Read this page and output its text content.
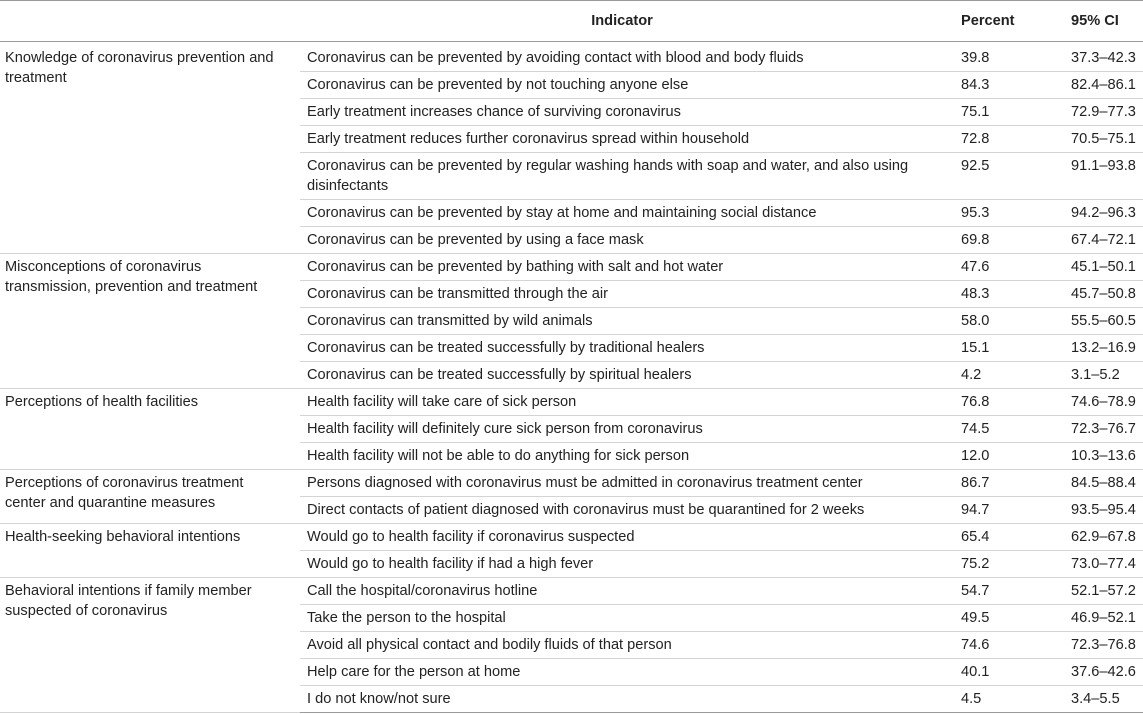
	Indicator	Percent	95% CI
Knowledge of coronavirus prevention and treatment	Coronavirus can be prevented by avoiding contact with blood and body fluids	39.8	37.3–42.3
	Coronavirus can be prevented by not touching anyone else	84.3	82.4–86.1
	Early treatment increases chance of surviving coronavirus	75.1	72.9–77.3
	Early treatment reduces further coronavirus spread within household	72.8	70.5–75.1
	Coronavirus can be prevented by regular washing hands with soap and water, and also using disinfectants	92.5	91.1–93.8
	Coronavirus can be prevented by stay at home and maintaining social distance	95.3	94.2–96.3
	Coronavirus can be prevented by using a face mask	69.8	67.4–72.1
Misconceptions of coronavirus transmission, prevention and treatment	Coronavirus can be prevented by bathing with salt and hot water	47.6	45.1–50.1
	Coronavirus can be transmitted through the air	48.3	45.7–50.8
	Coronavirus can transmitted by wild animals	58.0	55.5–60.5
	Coronavirus can be treated successfully by traditional healers	15.1	13.2–16.9
	Coronavirus can be treated successfully by spiritual healers	4.2	3.1–5.2
Perceptions of health facilities	Health facility will take care of sick person	76.8	74.6–78.9
	Health facility will definitely cure sick person from coronavirus	74.5	72.3–76.7
	Health facility will not be able to do anything for sick person	12.0	10.3–13.6
Perceptions of coronavirus treatment center and quarantine measures	Persons diagnosed with coronavirus must be admitted in coronavirus treatment center	86.7	84.5–88.4
	Direct contacts of patient diagnosed with coronavirus must be quarantined for 2 weeks	94.7	93.5–95.4
Health-seeking behavioral intentions	Would go to health facility if coronavirus suspected	65.4	62.9–67.8
	Would go to health facility if had a high fever	75.2	73.0–77.4
Behavioral intentions if family member suspected of coronavirus	Call the hospital/coronavirus hotline	54.7	52.1–57.2
	Take the person to the hospital	49.5	46.9–52.1
	Avoid all physical contact and bodily fluids of that person	74.6	72.3–76.8
	Help care for the person at home	40.1	37.6–42.6
	I do not know/not sure	4.5	3.4–5.5
